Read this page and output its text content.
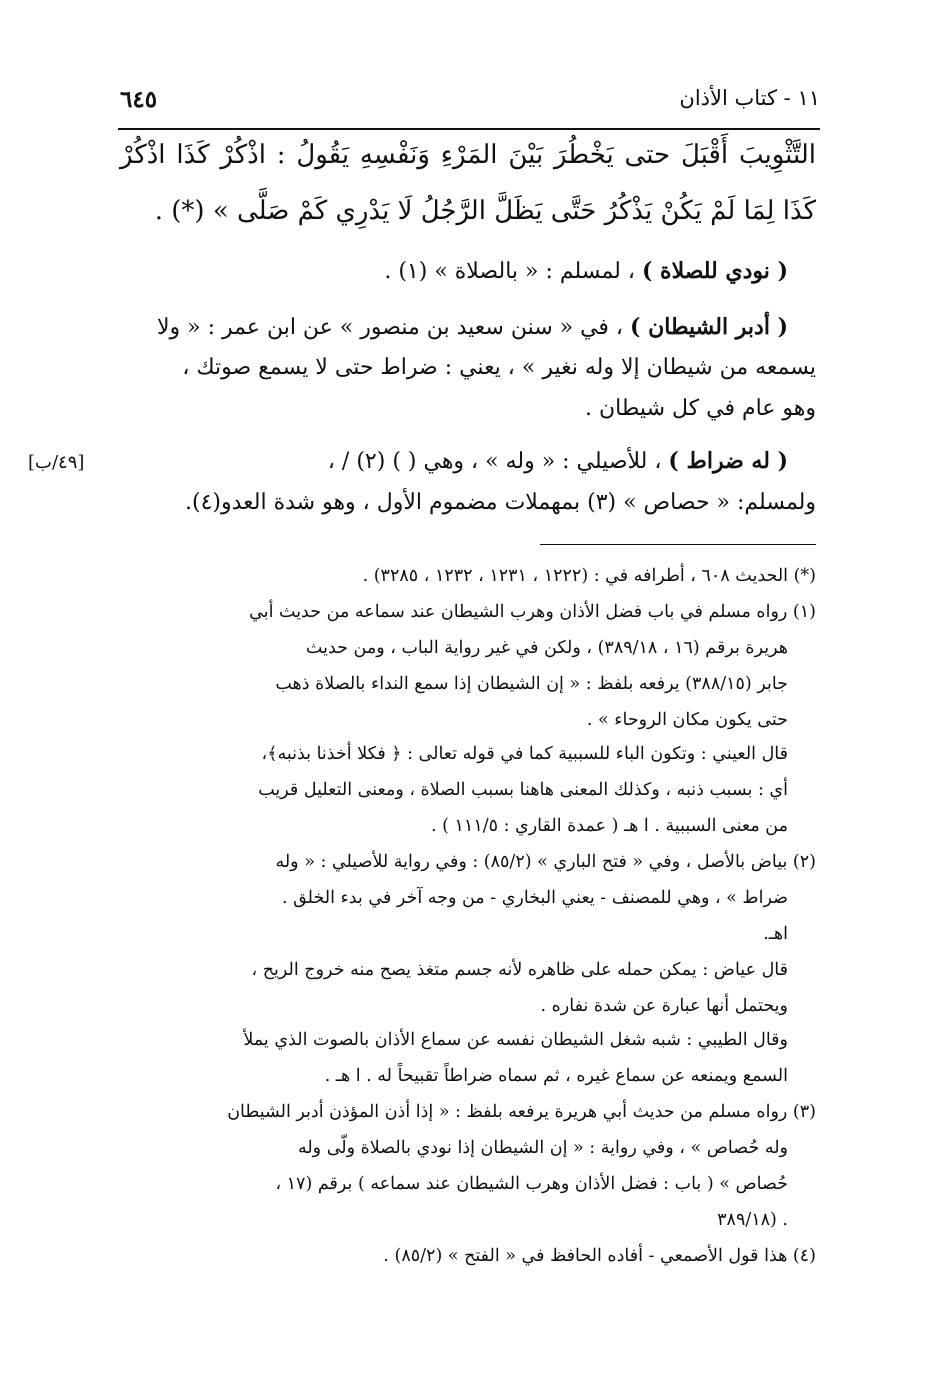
٦٤٥	١١ - كتاب الأذان
التَّثْوِيبَ أَقْبَلَ حتى يَخْطُرَ بَيْنَ المَرْءِ وَنَفْسِهِ يَقُولُ : اذْكُرْ كَذَا اذْكُرْ
كَذَا لِمَا لَمْ يَكُنْ يَذْكُرُ حَتَّى يَظَلَّ الرَّجُلُ لَا يَدْرِي كَمْ صَلَّى » (*) .
( نودي للصلاة ) ، لمسلم : « بالصلاة » (١) .
( أدبر الشيطان ) ، في « سنن سعيد بن منصور » عن ابن عمر : « ولا
يسمعه من شيطان إلا وله نغير » ، يعني : ضراط حتى لا يسمع صوتك ،
وهو عام في كل شيطان .
( له ضراط ) ، للأصيلي : « وله » ، وهي ( ) (٢) / ،
[٤٩/ب]
ولمسلم: « حصاص » (٣) بمهملات مضموم الأول ، وهو شدة العدو(٤).
(*) الحديث ٦٠٨ ، أطرافه في : (١٢٢٢ ، ١٢٣١ ، ١٢٣٢ ، ٣٢٨٥) .
(١) رواه مسلم في باب فضل الأذان وهرب الشيطان عند سماعه من حديث أبي
هريرة برقم (١٦ ، ٣٨٩/١٨) ، ولكن في غير رواية الباب ، ومن حديث
جابر (٣٨٨/١٥) يرفعه بلفظ : « إن الشيطان إذا سمع النداء بالصلاة ذهب
حتى يكون مكان الروحاء » .
قال العيني : وتكون الباء للسببية كما في قوله تعالى : ﴿ فكلا أخذنا بذنبه﴾،
أي : بسبب ذنبه ، وكذلك المعنى هاهنا بسبب الصلاة ، ومعنى التعليل قريب
من معنى السببية . ا هـ ( عمدة القاري : ١١١/٥ ) .
(٢) بياض بالأصل ، وفي « فتح الباري » (٨٥/٢) : وفي رواية للأصيلي : « وله
ضراط » ، وهي للمصنف - يعني البخاري - من وجه آخر في بدء الخلق .
اهـ.
قال عياض : يمكن حمله على ظاهره لأنه جسم متغذ يصح منه خروج الريح ،
ويحتمل أنها عبارة عن شدة نفاره .
وقال الطيبي : شبه شغل الشيطان نفسه عن سماع الأذان بالصوت الذي يملأ
السمع ويمنعه عن سماع غيره ، ثم سماه ضراطاً تقبيحاً له . ا هـ .
(٣) رواه مسلم من حديث أبي هريرة يرفعه بلفظ : « إذا أذن المؤذن أدبر الشيطان
وله حُصاص » ، وفي رواية : « إن الشيطان إذا نودي بالصلاة ولّى وله
حُصاص » ( باب : فضل الأذان وهرب الشيطان عند سماعه ) برقم (١٧ ،
. (٣٨٩/١٨
(٤) هذا قول الأصمعي - أفاده الحافظ في « الفتح » (٨٥/٢) .
